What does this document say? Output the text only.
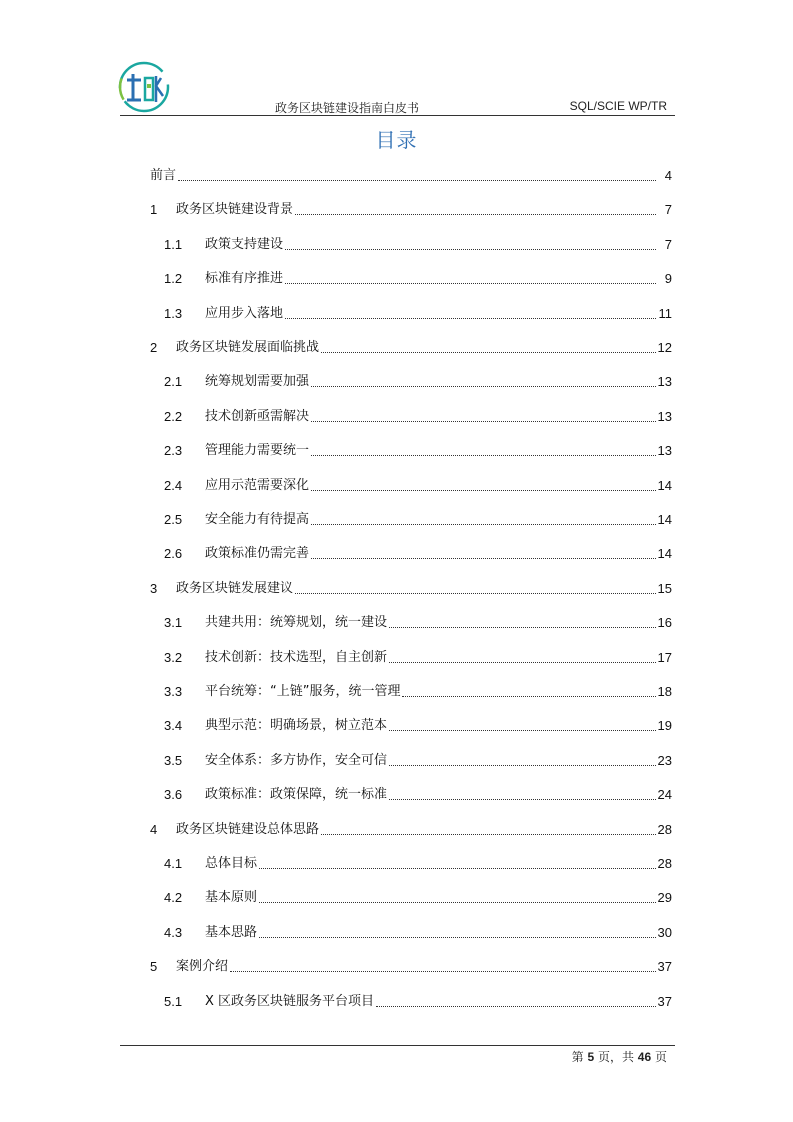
政务区块链建设指南白皮书	SQL/SCIE WP/TR
目录
前言	4
1	政务区块链建设背景	7
1.1	政策支持建设	7
1.2	标准有序推进	9
1.3	应用步入落地	11
2	政务区块链发展面临挑战	12
2.1	统筹规划需要加强	13
2.2	技术创新亟需解决	13
2.3	管理能力需要统一	13
2.4	应用示范需要深化	14
2.5	安全能力有待提高	14
2.6	政策标准仍需完善	14
3	政务区块链发展建议	15
3.1	共建共用：统筹规划，统一建设	16
3.2	技术创新：技术选型，自主创新	17
3.3	平台统筹：“上链”服务，统一管理	18
3.4	典型示范：明确场景，树立范本	19
3.5	安全体系：多方协作，安全可信	23
3.6	政策标准：政策保障，统一标准	24
4	政务区块链建设总体思路	28
4.1	总体目标	28
4.2	基本原则	29
4.3	基本思路	30
5	案例介绍	37
5.1	X 区政务区块链服务平台项目	37
第 5 页，共 46 页
